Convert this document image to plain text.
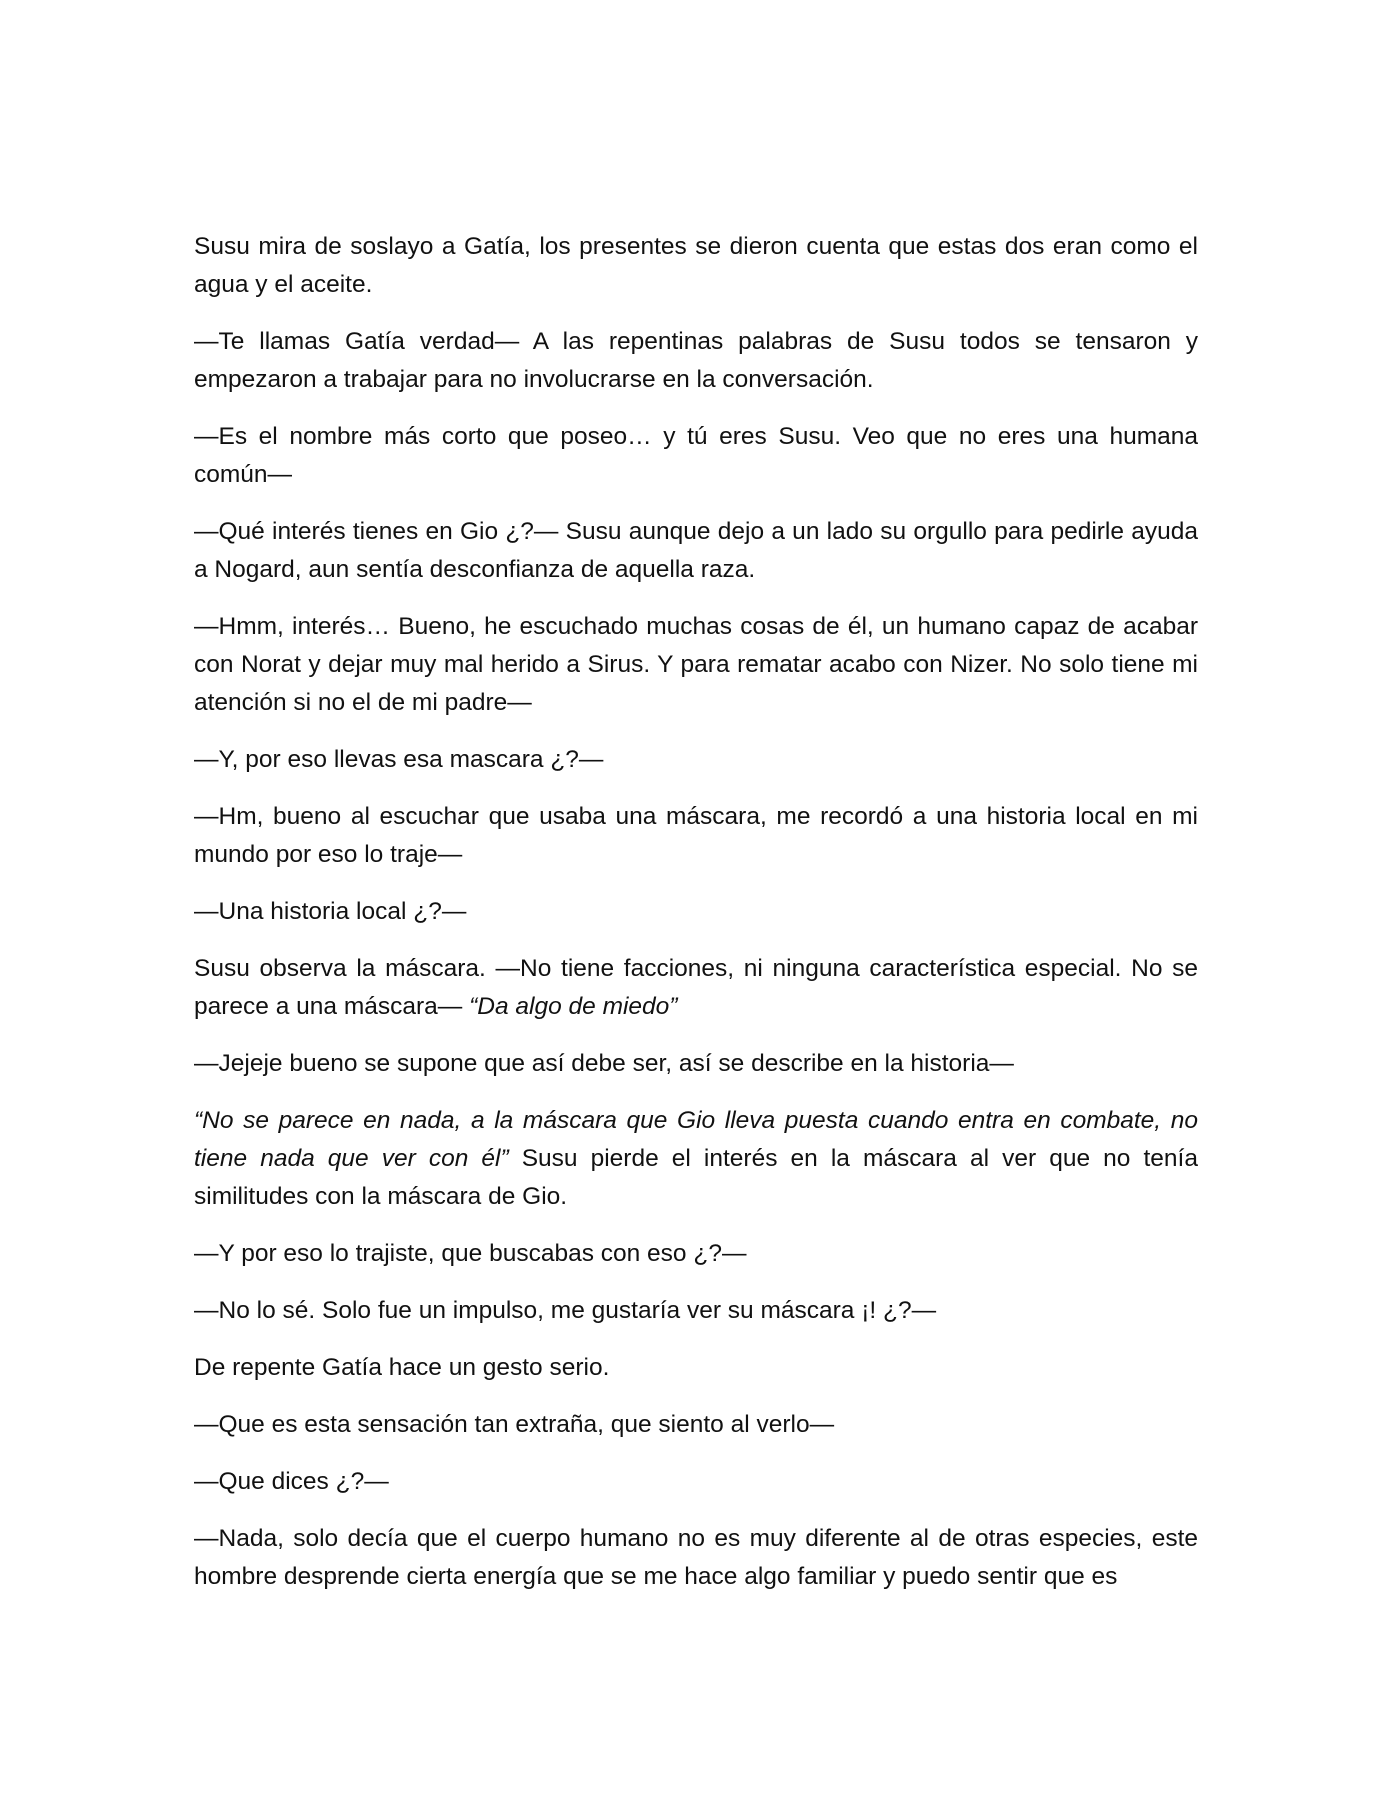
Susu mira de soslayo a Gatía, los presentes se dieron cuenta que estas dos eran como el agua y el aceite.

—Te llamas Gatía verdad— A las repentinas palabras de Susu todos se tensaron y empezaron a trabajar para no involucrarse en la conversación.

—Es el nombre más corto que poseo… y tú eres Susu. Veo que no eres una humana común—

—Qué interés tienes en Gio ¿?— Susu aunque dejo a un lado su orgullo para pedirle ayuda a Nogard, aun sentía desconfianza de aquella raza.

—Hmm, interés… Bueno, he escuchado muchas cosas de él, un humano capaz de acabar con Norat y dejar muy mal herido a Sirus. Y para rematar acabo con Nizer. No solo tiene mi atención si no el de mi padre—

—Y, por eso llevas esa mascara ¿?—

—Hm, bueno al escuchar que usaba una máscara, me recordó a una historia local en mi mundo por eso lo traje—

—Una historia local ¿?—

Susu observa la máscara. —No tiene facciones, ni ninguna característica especial. No se parece a una máscara— “Da algo de miedo”

—Jejeje bueno se supone que así debe ser, así se describe en la historia—

“No se parece en nada, a la máscara que Gio lleva puesta cuando entra en combate, no tiene nada que ver con él” Susu pierde el interés en la máscara al ver que no tenía similitudes con la máscara de Gio.

—Y por eso lo trajiste, que buscabas con eso ¿?—

—No lo sé. Solo fue un impulso, me gustaría ver su máscara ¡! ¿?—

De repente Gatía hace un gesto serio.

—Que es esta sensación tan extraña, que siento al verlo—

—Que dices ¿?—

—Nada, solo decía que el cuerpo humano no es muy diferente al de otras especies, este hombre desprende cierta energía que se me hace algo familiar y puedo sentir que es
